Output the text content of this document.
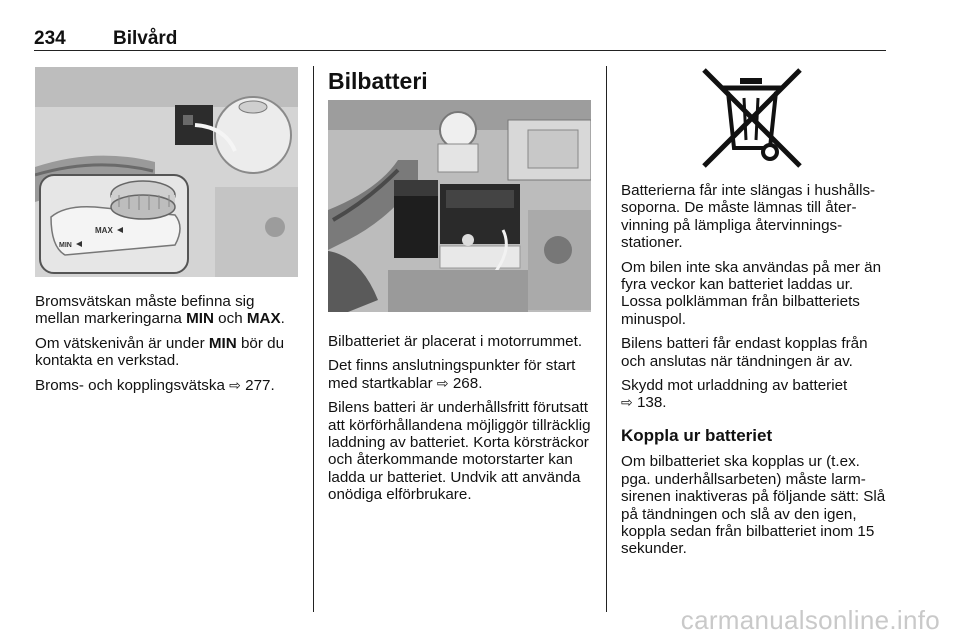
234 Bilvård
MAX
MIN

Bromsvätskan måste befinna sig mellan markeringarna MIN och MAX.

Om vätskenivån är under MIN bör du kontakta en verkstad.

Broms- och kopplingsvätska ⇨ 277.

Bilbatteri

Bilbatteriet är placerat i motorrummet.

Det finns anslutningspunkter för start med startkablar ⇨ 268.

Bilens batteri är underhållsfritt förutsatt att körförhållandena möjliggör tillräcklig laddning av batteriet. Korta körsträckor och återkommande motorstarter kan ladda ur batteriet. Undvik att använda onödiga elförbrukare.

Batterierna får inte slängas i hushållssoporna. De måste lämnas till återvinning på lämpliga återvinningsstationer.

Om bilen inte ska användas på mer än fyra veckor kan batteriet laddas ur. Lossa polklämman från bilbatteriets minuspol.

Bilens batteri får endast kopplas från och anslutas när tändningen är av.

Skydd mot urladdning av batteriet
⇨ 138.

Koppla ur batteriet

Om bilbatteriet ska kopplas ur (t.ex. pga. underhållsarbeten) måste larmsirenen inaktiveras på följande sätt: Slå på tändningen och slå av den igen, koppla sedan från bilbatteriet inom 15 sekunder.

carmanualsonline.info
